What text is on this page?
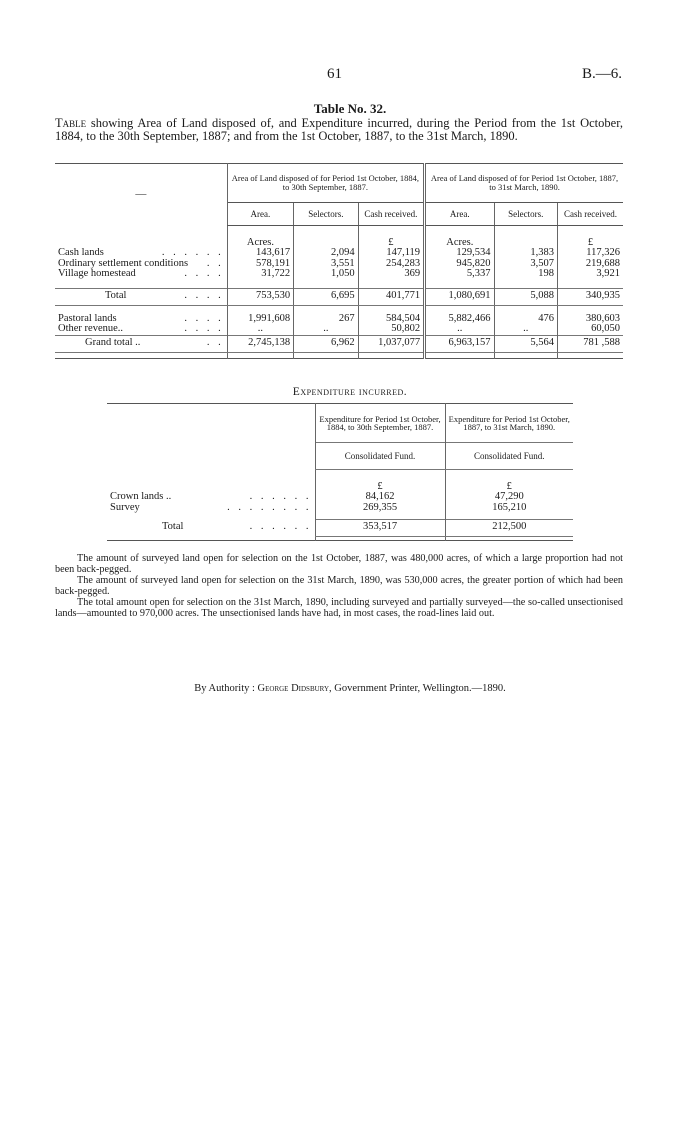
61	B.—6.
Table No. 32.
Table showing Area of Land disposed of, and Expenditure incurred, during the Period from the 1st October, 1884, to the 30th September, 1887; and from the 1st October, 1887, to the 31st March, 1890.
—	Area of Land disposed of for Period 1st October, 1884, to 30th September, 1887.			Area of Land disposed of for Period 1st October, 1887, to 31st March, 1890.		
	Area.	Selectors.	Cash received.	Area.	Selectors.	Cash received.

	Acres.		£	Acres.		£
Cash lands . . . . . .	143,617	2,094	147,119	129,534	1,383	117,326
Ordinary settlement conditions . .	578,191	3,551	254,283	945,820	3,507	219,688
Village homestead . . . .	31,722	1,050	369	5,337	198	3,921

Total . . . .	753,530	6,695	401,771	1,080,691	5,088	340,935

Pastoral lands . . . .	1,991,608	267	584,504	5,882,466	476	380,603
Other revenue.. . . . .	..	..	50,802	..	..	60,050
Grand total .. . .	2,745,138	6,962	1,037,077	6,963,157	5,564	781 ,588

Expenditure incurred.
	Expenditure for Period 1st October, 1884, to 30th September, 1887.	Expenditure for Period 1st October, 1887, to 31st March, 1890.
	Consolidated Fund.	Consolidated Fund.

	£	£
Crown lands .. . . . . . .	84,162	47,290
Survey . . . . . . . .	269,355	165,210

Total . . . . . .	353,517	212,500

The amount of surveyed land open for selection on the 1st October, 1887, was 480,000 acres, of which a large proportion had not been back-pegged.

The amount of surveyed land open for selection on the 31st March, 1890, was 530,000 acres, the greater portion of which had been back-pegged.

The total amount open for selection on the 31st March, 1890, including surveyed and partially surveyed—the so-called unsectionised lands—amounted to 970,000 acres. The unsectionised lands have had, in most cases, the road-lines laid out.

By Authority : George Didsbury, Government Printer, Wellington.—1890.
